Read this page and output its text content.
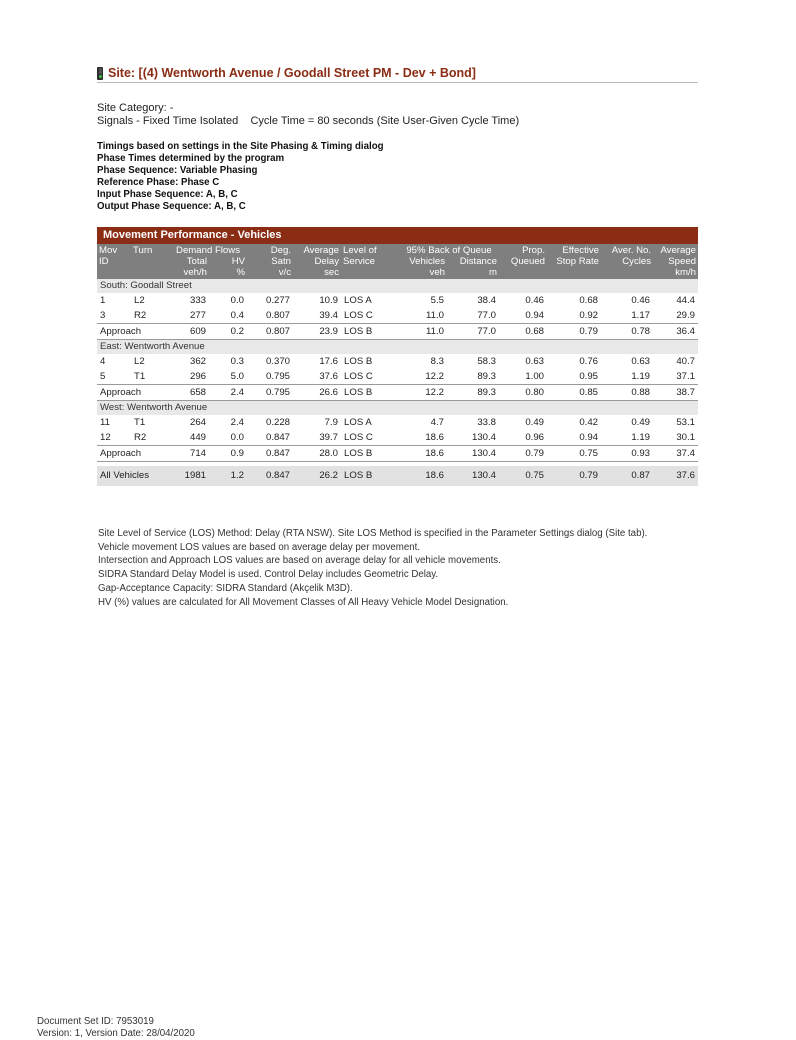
Site: [(4) Wentworth Avenue / Goodall Street PM - Dev + Bond]
Site Category: -
Signals - Fixed Time Isolated    Cycle Time = 80 seconds (Site User-Given Cycle Time)
Timings based on settings in the Site Phasing & Timing dialog
Phase Times determined by the program
Phase Sequence: Variable Phasing
Reference Phase: Phase C
Input Phase Sequence: A, B, C
Output Phase Sequence: A, B, C
Movement Performance - Vehicles
Mov	Turn	Demand Flows		Deg.	Average	Level of	95% Back of Queue		Prop.	Effective	Aver. No.	Average
ID		Total	HV	Satn	Delay	Service	Vehicles	Distance	Queued	Stop Rate	Cycles	Speed
		veh/h	%	v/c	sec		veh	m				km/h
South: Goodall Street												
1	L2	333	0.0	0.277	10.9	LOS A	5.5	38.4	0.46	0.68	0.46	44.4
3	R2	277	0.4	0.807	39.4	LOS C	11.0	77.0	0.94	0.92	1.17	29.9
Approach		609	0.2	0.807	23.9	LOS B	11.0	77.0	0.68	0.79	0.78	36.4
East: Wentworth Avenue												
4	L2	362	0.3	0.370	17.6	LOS B	8.3	58.3	0.63	0.76	0.63	40.7
5	T1	296	5.0	0.795	37.6	LOS C	12.2	89.3	1.00	0.95	1.19	37.1
Approach		658	2.4	0.795	26.6	LOS B	12.2	89.3	0.80	0.85	0.88	38.7
West: Wentworth Avenue												
11	T1	264	2.4	0.228	7.9	LOS A	4.7	33.8	0.49	0.42	0.49	53.1
12	R2	449	0.0	0.847	39.7	LOS C	18.6	130.4	0.96	0.94	1.19	30.1
Approach		714	0.9	0.847	28.0	LOS B	18.6	130.4	0.79	0.75	0.93	37.4

All Vehicles		1981	1.2	0.847	26.2	LOS B	18.6	130.4	0.75	0.79	0.87	37.6
Site Level of Service (LOS) Method: Delay (RTA NSW). Site LOS Method is specified in the Parameter Settings dialog (Site tab).
Vehicle movement LOS values are based on average delay per movement.
Intersection and Approach LOS values are based on average delay for all vehicle movements.
SIDRA Standard Delay Model is used. Control Delay includes Geometric Delay.
Gap-Acceptance Capacity: SIDRA Standard (Akçelik M3D).
HV (%) values are calculated for All Movement Classes of All Heavy Vehicle Model Designation.
Document Set ID: 7953019
Version: 1, Version Date: 28/04/2020
